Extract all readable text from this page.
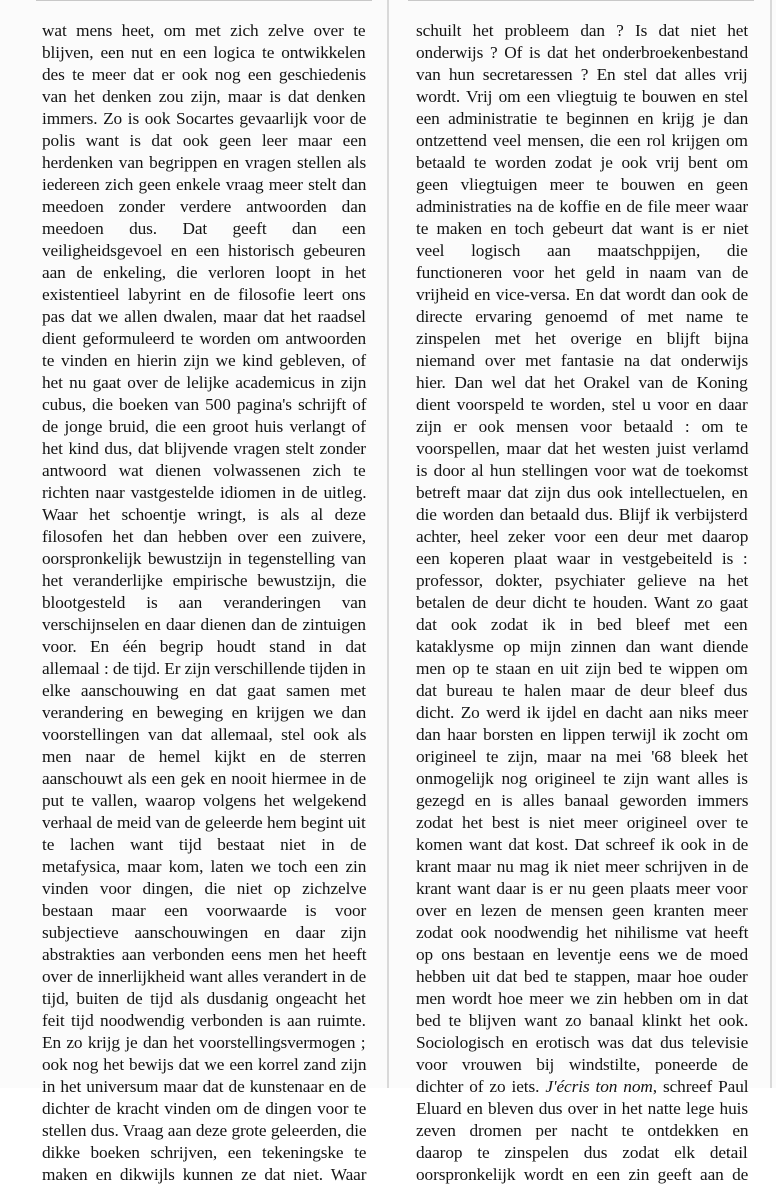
wat mens heet, om met zich zelve over te
blijven, een nut en een logica te ontwikkelen
des te meer dat er ook nog een geschiedenis
van het denken zou zijn, maar is dat denken
immers. Zo is ook Socartes gevaarlijk voor de
polis want is dat ook geen leer maar een
herdenken van begrippen en vragen stellen als
iedereen zich geen enkele vraag meer stelt dan
meedoen zonder verdere antwoorden dan
meedoen dus. Dat geeft dan een
veiligheidsgevoel en een historisch gebeuren
aan de enkeling, die verloren loopt in het
existentieel labyrint en de filosofie leert ons
pas dat we allen dwalen, maar dat het raadsel
dient geformuleerd te worden om antwoorden
te vinden en hierin zijn we kind gebleven, of
het nu gaat over de lelijke academicus in zijn
cubus, die boeken van 500 pagina's schrijft of
de jonge bruid, die een groot huis verlangt of
het kind dus, dat blijvende vragen stelt zonder
antwoord wat dienen volwassenen zich te
richten naar vastgestelde idiomen in de uitleg.
Waar het schoentje wringt, is als al deze
filosofen het dan hebben over een zuivere,
oorspronkelijk bewustzijn in tegenstelling van
het veranderlijke empirische bewustzijn, die
blootgesteld is aan veranderingen van
verschijnselen en daar dienen dan de zintuigen
voor. En één begrip houdt stand in dat
allemaal : de tijd. Er zijn verschillende tijden in
elke aanschouwing en dat gaat samen met
verandering en beweging en krijgen we dan
voorstellingen van dat allemaal, stel ook als
men naar de hemel kijkt en de sterren
aanschouwt als een gek en nooit hiermee in de
put te vallen, waarop volgens het welgekend
verhaal de meid van de geleerde hem begint uit
te lachen want tijd bestaat niet in de
metafysica, maar kom, laten we toch een zin
vinden voor dingen, die niet op zichzelve
bestaan maar een voorwaarde is voor
subjectieve aanschouwingen en daar zijn
abstrakties aan verbonden eens men het heeft
over de innerlijkheid want alles verandert in de
tijd, buiten de tijd als dusdanig ongeacht het
feit tijd noodwendig verbonden is aan ruimte.
En zo krijg je dan het voorstellingsvermogen ;
ook nog het bewijs dat we een korrel zand zijn
in het universum maar dat de kunstenaar en de
dichter de kracht vinden om de dingen voor te
stellen dus. Vraag aan deze grote geleerden, die
dikke boeken schrijven, een tekeningske te
maken en dikwijls kunnen ze dat niet. Waar
schuilt het probleem dan ? Is dat niet het
onderwijs ? Of is dat het onderbroekenbestand
van hun secretaressen ? En stel dat alles vrij
wordt. Vrij om een vliegtuig te bouwen en stel
een administratie te beginnen en krijg je dan
ontzettend veel mensen, die een rol krijgen om
betaald te worden zodat je ook vrij bent om
geen vliegtuigen meer te bouwen en geen
administraties na de koffie en de file meer waar
te maken en toch gebeurt dat want is er niet
veel logisch aan maatschppijen, die
functioneren voor het geld in naam van de
vrijheid en vice-versa. En dat wordt dan ook de
directe ervaring genoemd of met name te
zinspelen met het overige en blijft bijna
niemand over met fantasie na dat onderwijs
hier. Dan wel dat het Orakel van de Koning
dient voorspeld te worden, stel u voor en daar
zijn er ook mensen voor betaald : om te
voorspellen, maar dat het westen juist verlamd
is door al hun stellingen voor wat de toekomst
betreft maar dat zijn dus ook intellectuelen, en
die worden dan betaald dus. Blijf ik verbijsterd
achter, heel zeker voor een deur met daarop
een koperen plaat waar in vestgebeiteld is :
professor, dokter, psychiater gelieve na het
betalen de deur dicht te houden. Want zo gaat
dat ook zodat ik in bed bleef met een
kataklysme op mijn zinnen dan want diende
men op te staan en uit zijn bed te wippen om
dat bureau te halen maar de deur bleef dus
dicht. Zo werd ik ijdel en dacht aan niks meer
dan haar borsten en lippen terwijl ik zocht om
origineel te zijn, maar na mei '68 bleek het
onmogelijk nog origineel te zijn want alles is
gezegd en is alles banaal geworden immers
zodat het best is niet meer origineel over te
komen want dat kost. Dat schreef ik ook in de
krant maar nu mag ik niet meer schrijven in de
krant want daar is er nu geen plaats meer voor
over en lezen de mensen geen kranten meer
zodat ook noodwendig het nihilisme vat heeft
op ons bestaan en leventje eens we de moed
hebben uit dat bed te stappen, maar hoe ouder
men wordt hoe meer we zin hebben om in dat
bed te blijven want zo banaal klinkt het ook.
Sociologisch en erotisch was dat dus televisie
voor vrouwen bij windstilte, poneerde de
dichter of zo iets. J'écris ton nom, schreef Paul
Eluard en bleven dus over in het natte lege huis
zeven dromen per nacht te ontdekken en
daarop te zinspelen dus zodat elk detail
oorspronkelijk wordt en een zin geeft aan de
